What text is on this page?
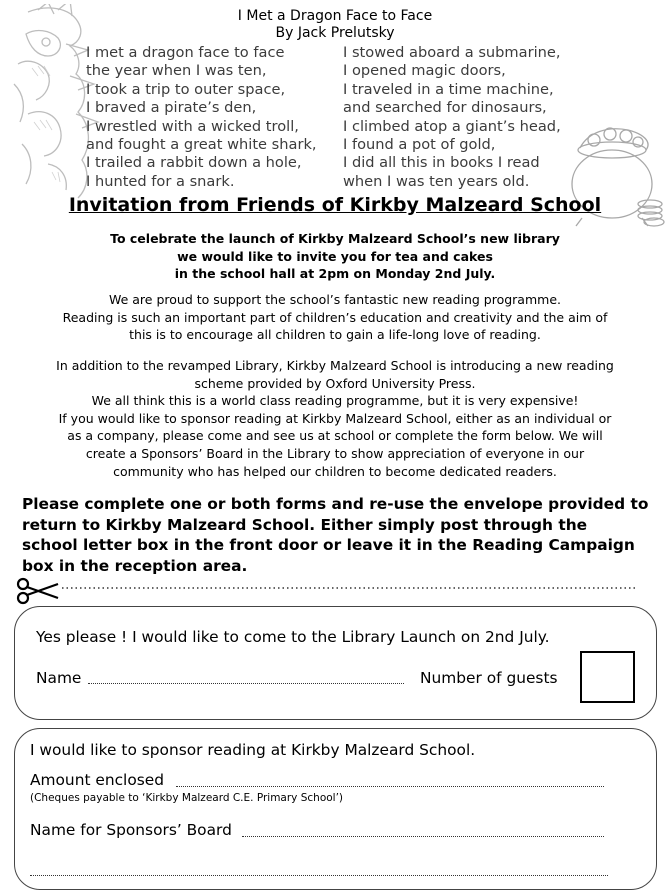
I Met a Dragon Face to Face
By Jack Prelutsky
I met a dragon face to face
the year when I was ten,
I took a trip to outer space,
I braved a pirate’s den,
I wrestled with a wicked troll,
and fought a great white shark,
I trailed a rabbit down a hole,
I hunted for a snark.
I stowed aboard a submarine,
I opened magic doors,
I traveled in a time machine,
and searched for dinosaurs,
I climbed atop a giant’s head,
I found a pot of gold,
I did all this in books I read
when I was ten years old.
Invitation from Friends of Kirkby Malzeard School
To celebrate the launch of Kirkby Malzeard School’s new library
we would like to invite you for tea and cakes
in the school hall at 2pm on Monday 2nd July.
We are proud to support the school’s fantastic new reading programme.
Reading is such an important part of children’s education and creativity and the aim of
this is to encourage all children to gain a life-long love of reading.
In addition to the revamped Library, Kirkby Malzeard School is introducing a new reading
scheme provided by Oxford University Press.
We all think this is a world class reading programme, but it is very expensive!
If you would like to sponsor reading at Kirkby Malzeard School, either as an individual or
as a company, please come and see us at school or complete the form below. We will
create a Sponsors’ Board in the Library to show appreciation of everyone in our
community who has helped our children to become dedicated readers.
Please complete one or both forms and re-use the envelope provided to
return to Kirkby Malzeard School. Either simply post through the
school letter box in the front door or leave it in the Reading Campaign
box in the reception area.
Yes please ! I would like to come to the Library Launch on 2nd July.
Name	Number of guests
I would like to sponsor reading at Kirkby Malzeard School.
Amount enclosed
(Cheques payable to ‘Kirkby Malzeard C.E. Primary School’)
Name for Sponsors’ Board
